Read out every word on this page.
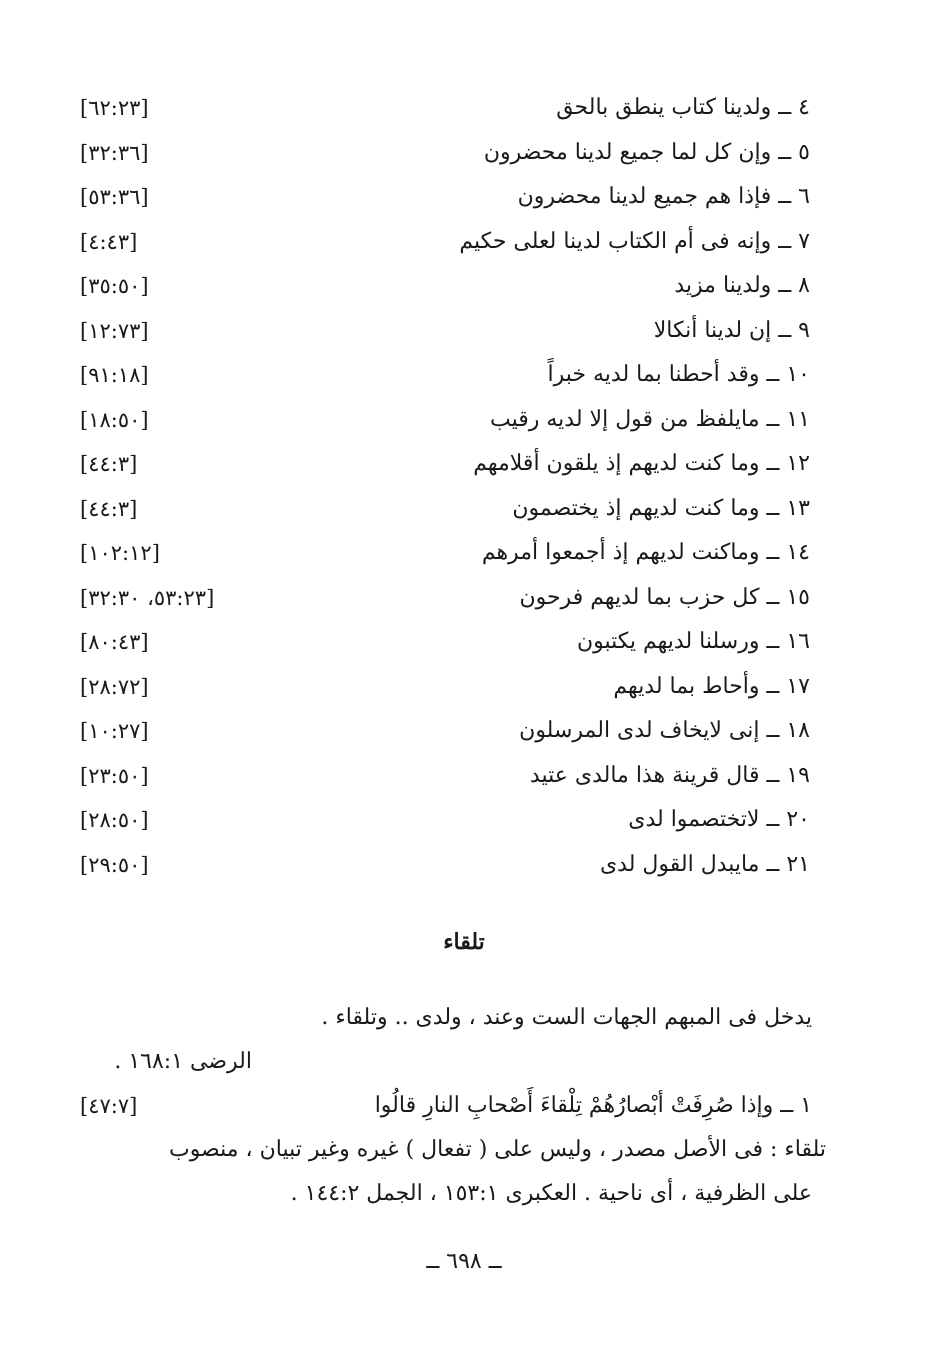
٤ ــ ولدينا كتاب ينطق بالحق
[٦٢:٢٣]
٥ ــ وإن كل لما جميع لدينا محضرون
[٣٢:٣٦]
٦ ــ فإذا هم جميع لدينا محضرون
[٥٣:٣٦]
٧ ــ وإنه فى أم الكتاب لدينا لعلى حكيم
[٤:٤٣]
٨ ــ ولدينا مزيد
[٣٥:٥٠]
٩ ــ إن لدينا أنكالا
[١٢:٧٣]
١٠ ــ وقد أحطنا بما لديه خبراً
[٩١:١٨]
١١ ــ مايلفظ من قول إلا لديه رقيب
[١٨:٥٠]
١٢ ــ وما كنت لديهم إذ يلقون أقلامهم
[٤٤:٣]
١٣ ــ وما كنت لديهم إذ يختصمون
[٤٤:٣]
١٤ ــ وماكنت لديهم إذ أجمعوا أمرهم
[١٠٢:١٢]
١٥ ــ كل حزب بما لديهم فرحون
[٥٣:٢٣، ٣٢:٣٠]
١٦ ــ ورسلنا لديهم يكتبون
[٨٠:٤٣]
١٧ ــ وأحاط بما لديهم
[٢٨:٧٢]
١٨ ــ إنى لايخاف لدى المرسلون
[١٠:٢٧]
١٩ ــ قال قرينة هذا مالدى عتيد
[٢٣:٥٠]
٢٠ ــ لاتختصموا لدى
[٢٨:٥٠]
٢١ ــ مايبدل القول لدى
[٢٩:٥٠]
تلقاء
يدخل فى المبهم الجهات الست وعند ، ولدى .. وتلقاء .
الرضى ١٦٨:١ .
١ ــ وإذا صُرِفَتْ أبْصارُهُمْ تِلْقاءَ أَصْحابِ النارِ قالُوا
[٤٧:٧]
تلقاء : فى الأصل مصدر ، وليس على ( تفعال ) غيره وغير تبيان ، منصوب
على الظرفية ، أى ناحية . العكبرى ١٥٣:١ ، الجمل ١٤٤:٢ .
ــ ٦٩٨ ــ
